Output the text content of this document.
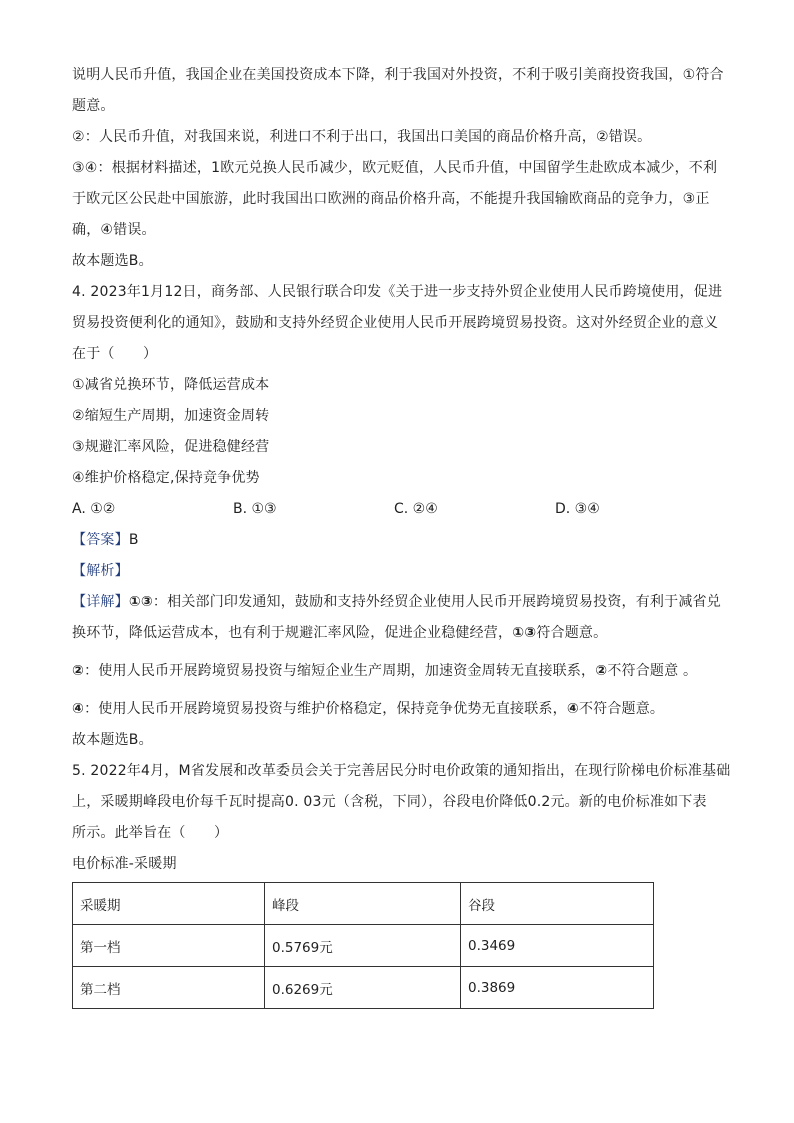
说明人民币升值，我国企业在美国投资成本下降，利于我国对外投资，不利于吸引美商投资我国，①符合

题意。

②：人民币升值，对我国来说，利进口不利于出口，我国出口美国的商品价格升高，②错误。

③④：根据材料描述，1欧元兑换人民币减少，欧元贬值，人民币升值，中国留学生赴欧成本减少，不利

于欧元区公民赴中国旅游，此时我国出口欧洲的商品价格升高，不能提升我国输欧商品的竞争力，③正

确，④错误。

故本题选B。

4. 2023年1月12日，商务部、人民银行联合印发《关于进一步支持外贸企业使用人民币跨境使用，促进

贸易投资便利化的通知》，鼓励和支持外经贸企业使用人民币开展跨境贸易投资。这对外经贸企业的意义

在于（　　）

①减省兑换环节，降低运营成本

②缩短生产周期，加速资金周转

③规避汇率风险，促进稳健经营

④维护价格稳定,保持竞争优势

A. ①②	B. ①③	C. ②④	D. ③④

【答案】B

【解析】

【详解】①③：相关部门印发通知，鼓励和支持外经贸企业使用人民币开展跨境贸易投资，有利于减省兑

换环节，降低运营成本，也有利于规避汇率风险，促进企业稳健经营，①③符合题意。

②：使用人民币开展跨境贸易投资与缩短企业生产周期，加速资金周转无直接联系，②不符合题意 。

④：使用人民币开展跨境贸易投资与维护价格稳定，保持竞争优势无直接联系，④不符合题意。

故本题选B。

5. 2022年4月，M省发展和改革委员会关于完善居民分时电价政策的通知指出，在现行阶梯电价标准基础

上，采暖期峰段电价每千瓦时提高0. 03元（含税，下同），谷段电价降低0.2元。新的电价标准如下表

所示。此举旨在（　　）

电价标准-采暖期

采暖期	峰段	谷段
第一档	0.5769元	0.3469
第二档	0.6269元	0.3869
